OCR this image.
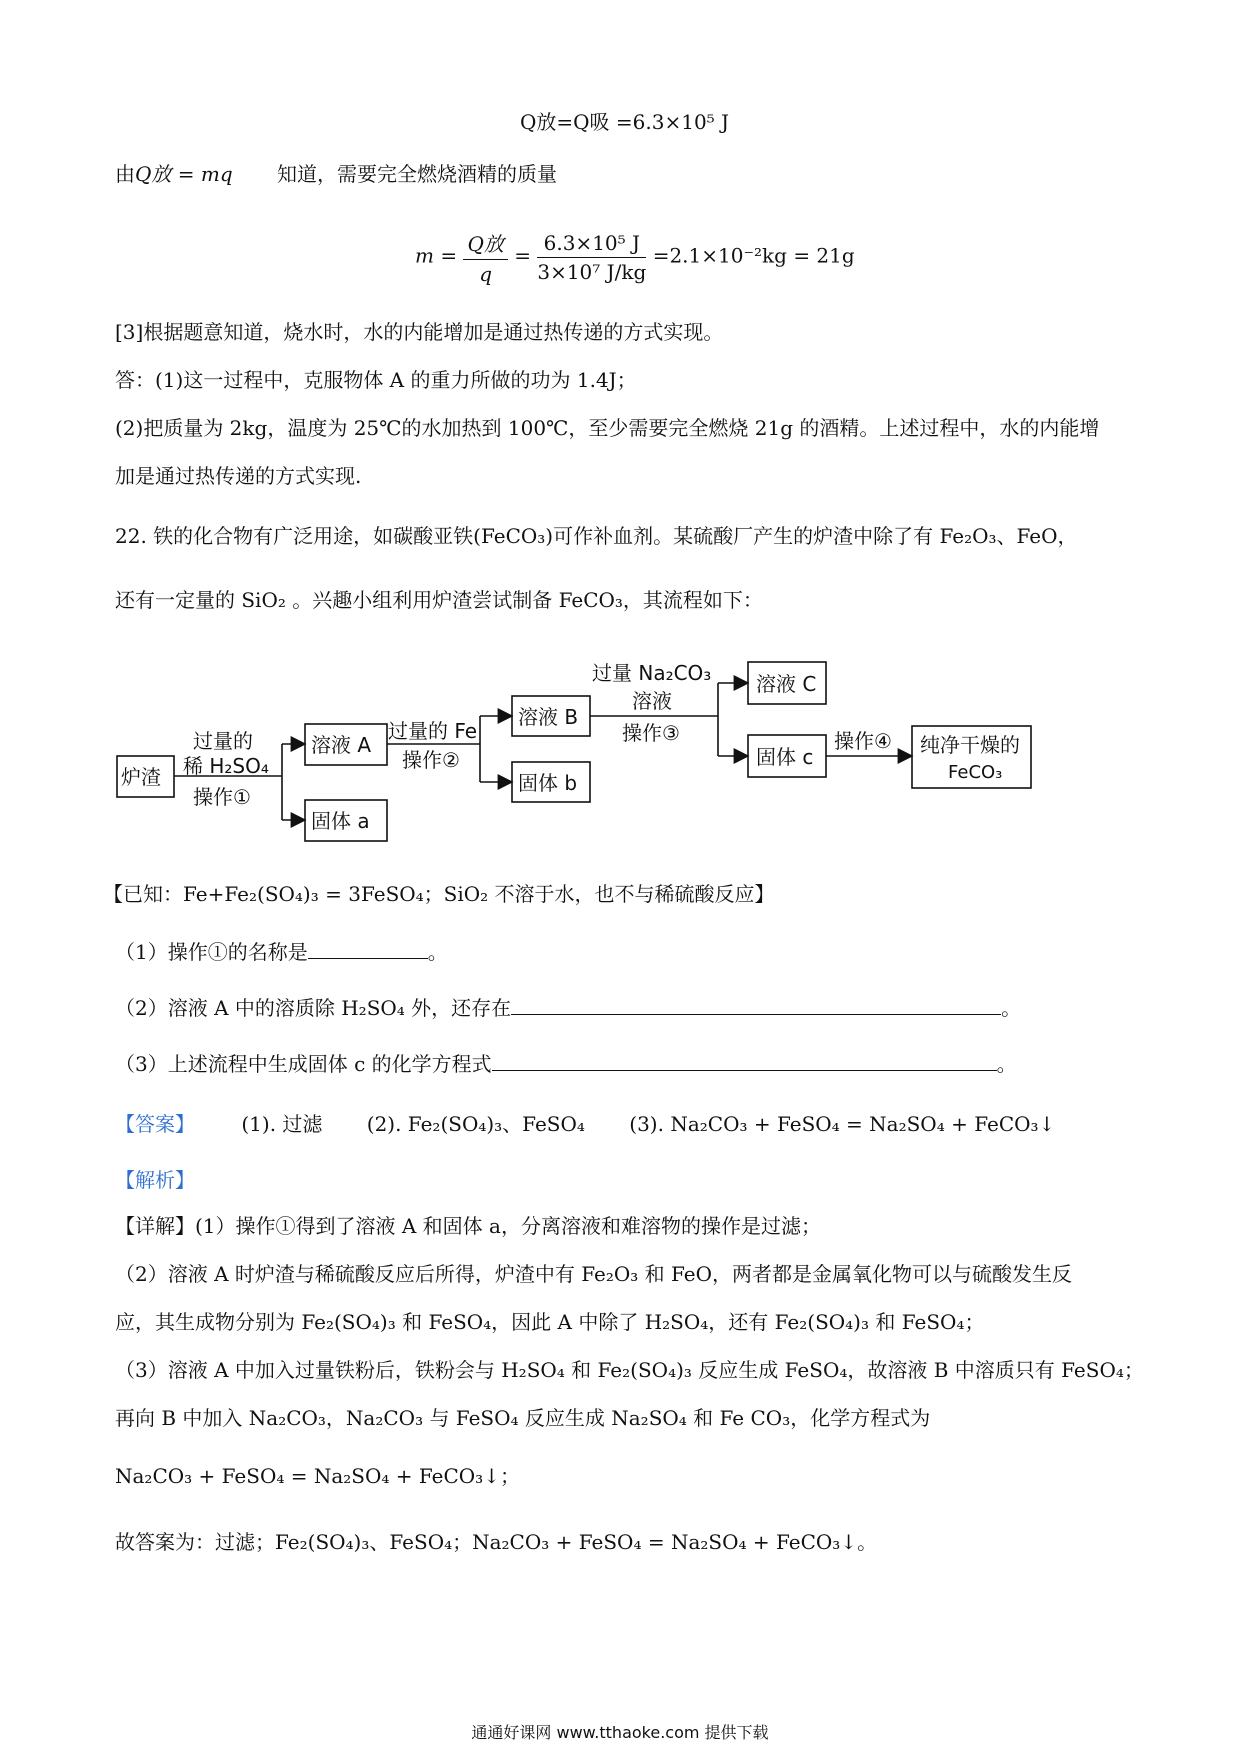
Q放=Q吸 =6.3×10⁵ J
由Q放 = mq 知道，需要完全燃烧酒精的质量
$m = \frac{\text{Q放}}{q} = \frac{\text{6.3×10⁵ J}}{\text{3×10⁷ J/kg}} =2.1\times 10^{-2}kg = 21g$
[3]根据题意知道，烧水时，水的内能增加是通过热传递的方式实现。
答：(1)这一过程中，克服物体 A 的重力所做的功为 1.4J；
(2)把质量为 2kg，温度为 25℃的水加热到 100℃，至少需要完全燃烧 21g 的酒精。上述过程中，水的内能增
加是通过热传递的方式实现.
22. 铁的化合物有广泛用途，如碳酸亚铁(FeCO₃)可作补血剂。某硫酸厂产生的炉渣中除了有 Fe₂O₃、FeO，
还有一定量的 SiO₂ 。兴趣小组利用炉渣尝试制备 FeCO₃，其流程如下：
炉渣
溶液 A
固体 a
溶液 B
固体 b
溶液 C
固体 c	纯净干燥的
FeCO₃
过量的
稀 H₂SO₄
操作①
过量的 Fe
操作②
过量 Na₂CO₃
溶液
操作③	操作④
【已知：Fe+Fe₂(SO₄)₃ = 3FeSO₄；SiO₂ 不溶于水，也不与稀硫酸反应】
（1）操作①的名称是	。
（2）溶液 A 中的溶质除 H₂SO₄ 外，还存在	。
（3）上述流程中生成固体 c 的化学方程式	。
【答案】 (1). 过滤 (2). Fe₂(SO₄)₃、FeSO₄ (3). Na₂CO₃ + FeSO₄ = Na₂SO₄ + FeCO₃↓
【解析】
【详解】(1）操作①得到了溶液 A 和固体 a，分离溶液和难溶物的操作是过滤；
（2）溶液 A 时炉渣与稀硫酸反应后所得，炉渣中有 Fe₂O₃ 和 FeO，两者都是金属氧化物可以与硫酸发生反
应，其生成物分别为 Fe₂(SO₄)₃ 和 FeSO₄，因此 A 中除了 H₂SO₄，还有 Fe₂(SO₄)₃ 和 FeSO₄；
（3）溶液 A 中加入过量铁粉后，铁粉会与 H₂SO₄ 和 Fe₂(SO₄)₃ 反应生成 FeSO₄，故溶液 B 中溶质只有 FeSO₄；
再向 B 中加入 Na₂CO₃，Na₂CO₃ 与 FeSO₄ 反应生成 Na₂SO₄ 和 Fe CO₃，化学方程式为
Na₂CO₃ + FeSO₄ = Na₂SO₄ + FeCO₃↓；
故答案为：过滤；Fe₂(SO₄)₃、FeSO₄；Na₂CO₃ + FeSO₄ = Na₂SO₄ + FeCO₃↓。
通通好课网 www.tthaoke.com 提供下载
